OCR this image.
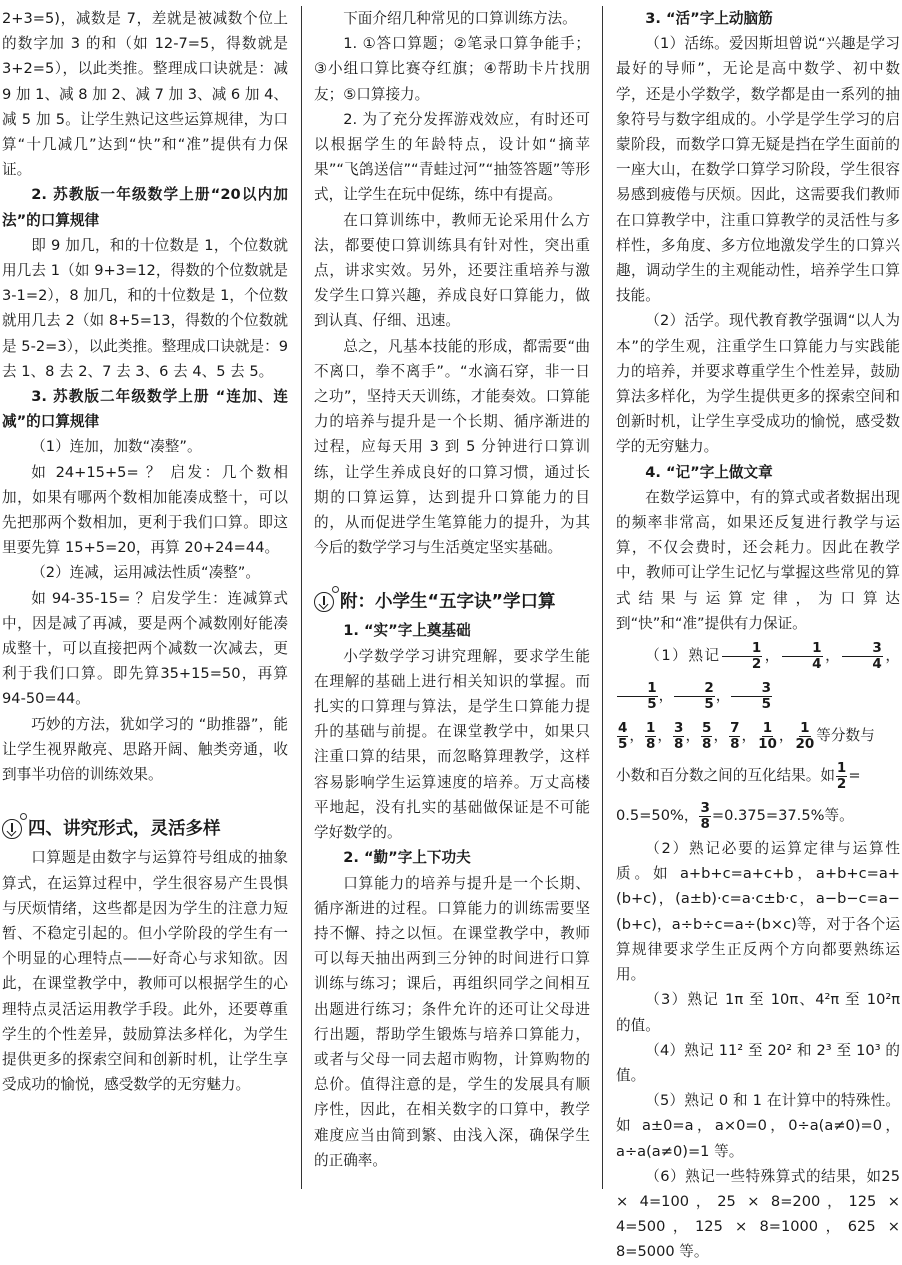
2+3=5)，减数是 7，差就是被减数个位上的数字加 3 的和（如 12-7=5，得数就是 3+2=5），以此类推。整理成口诀就是：减 9 加 1、减 8 加 2、减 7 加 3、减 6 加 4、减 5 加 5。让学生熟记这些运算规律，为口算“十几减几”达到“快”和“准”提供有力保证。

2. 苏教版一年级数学上册“20以内加法”的口算规律

即 9 加几，和的十位数是 1，个位数就用几去 1（如 9+3=12，得数的个位数就是 3-1=2），8 加几，和的十位数是 1，个位数就用几去 2（如 8+5=13，得数的个位数就是 5-2=3），以此类推。整理成口诀就是：9 去 1、8 去 2、7 去 3、6 去 4、5 去 5。

3. 苏教版二年级数学上册 “连加、连减”的口算规律

（1）连加，加数“凑整”。

如 24+15+5= ？ 启发：几个数相加，如果有哪两个数相加能凑成整十，可以先把那两个数相加，更利于我们口算。即这里要先算 15+5=20，再算 20+24=44。

（2）连减，运用减法性质“凑整”。

如 94-35-15= ？启发学生：连减算式中，因是减了再减，要是两个减数刚好能凑成整十，可以直接把两个减数一次减去，更利于我们口算。即先算35+15=50，再算 94-50=44。

巧妙的方法，犹如学习的 “助推器”，能让学生视界敞亮、思路开阔、触类旁通，收到事半功倍的训练效果。

四、讲究形式，灵活多样

口算题是由数字与运算符号组成的抽象算式，在运算过程中，学生很容易产生畏惧与厌烦情绪，这些都是因为学生的注意力短暂、不稳定引起的。但小学阶段的学生有一个明显的心理特点——好奇心与求知欲。因此，在课堂教学中，教师可以根据学生的心理特点灵活运用教学手段。此外，还要尊重学生的个性差异，鼓励算法多样化，为学生提供更多的探索空间和创新时机，让学生享受成功的愉悦，感受数学的无穷魅力。

下面介绍几种常见的口算训练方法。

1. ①答口算题；②笔录口算争能手；③小组口算比赛夺红旗；④帮助卡片找朋友；⑤口算接力。

2. 为了充分发挥游戏效应，有时还可以根据学生的年龄特点，设计如“摘苹果”“飞鸽送信”“青蛙过河”“抽签答题”等形式，让学生在玩中促练，练中有提高。

在口算训练中，教师无论采用什么方法，都要使口算训练具有针对性，突出重点，讲求实效。另外，还要注重培养与激发学生口算兴趣，养成良好口算能力，做到认真、仔细、迅速。

总之，凡基本技能的形成，都需要“曲不离口，拳不离手”。“水滴石穿，非一日之功”，坚持天天训练，才能奏效。口算能力的培养与提升是一个长期、循序渐进的过程，应每天用 3 到 5 分钟进行口算训练，让学生养成良好的口算习惯，通过长期的口算运算，达到提升口算能力的目的，从而促进学生笔算能力的提升，为其今后的数学学习与生活奠定坚实基础。

附：小学生“五字诀”学口算
1. “实”字上奠基础

小学数学学习讲究理解，要求学生能在理解的基础上进行相关知识的掌握。而扎实的口算理与算法，是学生口算能力提升的基础与前提。在课堂教学中，如果只注重口算的结果，而忽略算理教学，这样容易影响学生运算速度的培养。万丈高楼平地起，没有扎实的基础做保证是不可能学好数学的。

2. “勤”字上下功夫

口算能力的培养与提升是一个长期、循序渐进的过程。口算能力的训练需要坚持不懈、持之以恒。在课堂教学中，教师可以每天抽出两到三分钟的时间进行口算训练与练习；课后，再组织同学之间相互出题进行练习；条件允许的还可让父母进行出题，帮助学生锻炼与培养口算能力，或者与父母一同去超市购物，计算购物的总价。值得注意的是，学生的发展具有顺序性，因此，在相关数字的口算中，教学难度应当由简到繁、由浅入深，确保学生的正确率。

3. “活”字上动脑筋

（1）活练。爱因斯坦曾说“兴趣是学习最好的导师”，无论是高中数学、初中数学，还是小学数学，数学都是由一系列的抽象符号与数字组成的。小学是学生学习的启蒙阶段，而数学口算无疑是挡在学生面前的一座大山，在数学口算学习阶段，学生很容易感到疲倦与厌烦。因此，这需要我们教师在口算教学中，注重口算教学的灵活性与多样性，多角度、多方位地激发学生的口算兴趣，调动学生的主观能动性，培养学生口算技能。

（2）活学。现代教育教学强调“以人为本”的学生观，注重学生口算能力与实践能力的培养，并要求尊重学生个性差异，鼓励算法多样化，为学生提供更多的探索空间和创新时机，让学生享受成功的愉悦，感受数学的无穷魅力。

4. “记”字上做文章

在数学运算中，有的算式或者数据出现的频率非常高，如果还反复进行教学与运算，不仅会费时，还会耗力。因此在教学中，教师可让学生记忆与掌握这些常见的算式结果与运算定律，为口算达到“快”和“准”提供有力保证。

（1）熟记 $\frac{1}{2}$ ， $\frac{1}{4}$ ， $\frac{3}{4}$ ，
$\frac{1}{5}$ ， $\frac{2}{5}$ ， $\frac{3}{5}$

$\frac{4}{5}$ ， $\frac{1}{8}$ ， $\frac{3}{8}$ ， $\frac{5}{8}$ ， $\frac{7}{8}$ ， $\frac{1}{10}$ ， $\frac{1}{20}$ 等分数与

小数和百分数之间的互化结果。如 $\frac{1}{2}$ =

0.5=50%， $\frac{3}{8} =0.375=37.5\%$等。

（2）熟记必要的运算定律与运算性质。如 a+b+c=a+c+b，a+b+c=a+(b+c)，(a±b)·c=a·c±b·c，a−b−c=a−(b+c)，a÷b÷c=a÷(b×c)等，对于各个运算规律要求学生正反两个方向都要熟练运用。

（3）熟记 1π 至 10π、4²π 至 10²π 的值。

（4）熟记 11² 至 20² 和 2³ 至 10³ 的值。

（5）熟记 0 和 1 在计算中的特殊性。如 a±0=a，a×0=0，0÷a(a≠0)=0，a÷a(a≠0)=1 等。

（6）熟记一些特殊算式的结果，如25 × 4=100，25 × 8=200，125 × 4=500，125 × 8=1000，625 × 8=5000 等。
